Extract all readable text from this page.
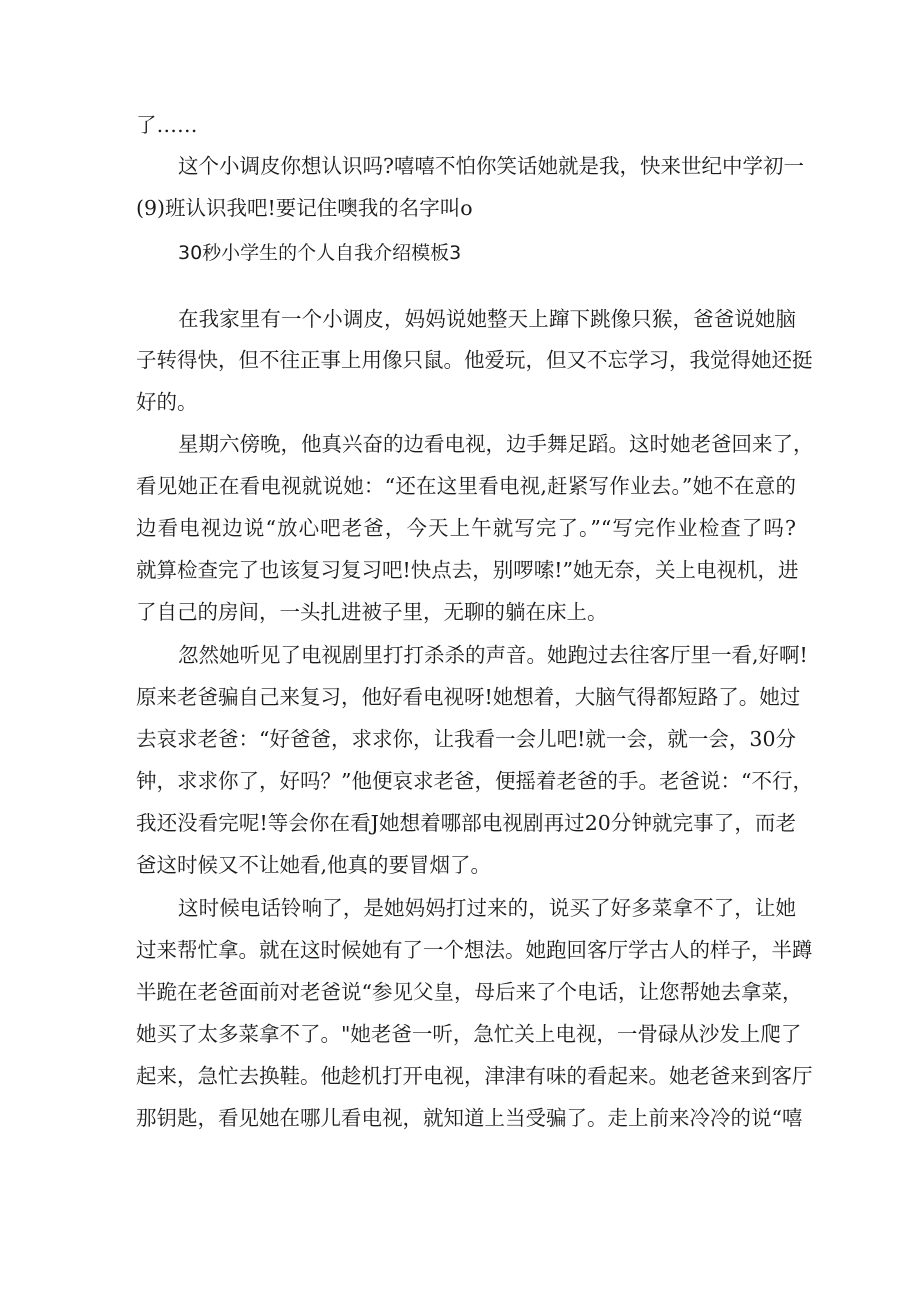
了……
这个小调皮你想认识吗?嘻嘻不怕你笑话她就是我，快来世纪中学初一
(9)班认识我吧!要记住噢我的名字叫o
30秒小学生的个人自我介绍模板3
在我家里有一个小调皮，妈妈说她整天上蹿下跳像只猴，爸爸说她脑
子转得快，但不往正事上用像只鼠。他爱玩，但又不忘学习，我觉得她还挺
好的。
星期六傍晚，他真兴奋的边看电视，边手舞足蹈。这时她老爸回来了，
看见她正在看电视就说她：“还在这里看电视,赶紧写作业去。”她不在意的
边看电视边说“放心吧老爸，今天上午就写完了。”“写完作业检查了吗?
就算检查完了也该复习复习吧!快点去，别啰嗦!”她无奈，关上电视机，进
了自己的房间，一头扎进被子里，无聊的躺在床上。
忽然她听见了电视剧里打打杀杀的声音。她跑过去往客厅里一看,好啊!
原来老爸骗自己来复习，他好看电视呀!她想着，大脑气得都短路了。她过
去哀求老爸：“好爸爸，求求你，让我看一会儿吧!就一会，就一会，30分
钟，求求你了，好吗？”他便哀求老爸，便摇着老爸的手。老爸说：“不行，
我还没看完呢!等会你在看J她想着哪部电视剧再过20分钟就完事了，而老
爸这时候又不让她看,他真的要冒烟了。
这时候电话铃响了，是她妈妈打过来的，说买了好多菜拿不了，让她
过来帮忙拿。就在这时候她有了一个想法。她跑回客厅学古人的样子，半蹲
半跪在老爸面前对老爸说“参见父皇，母后来了个电话，让您帮她去拿菜，
她买了太多菜拿不了。"她老爸一听，急忙关上电视，一骨碌从沙发上爬了
起来，急忙去换鞋。他趁机打开电视，津津有味的看起来。她老爸来到客厅
那钥匙，看见她在哪儿看电视，就知道上当受骗了。走上前来冷冷的说“嘻
